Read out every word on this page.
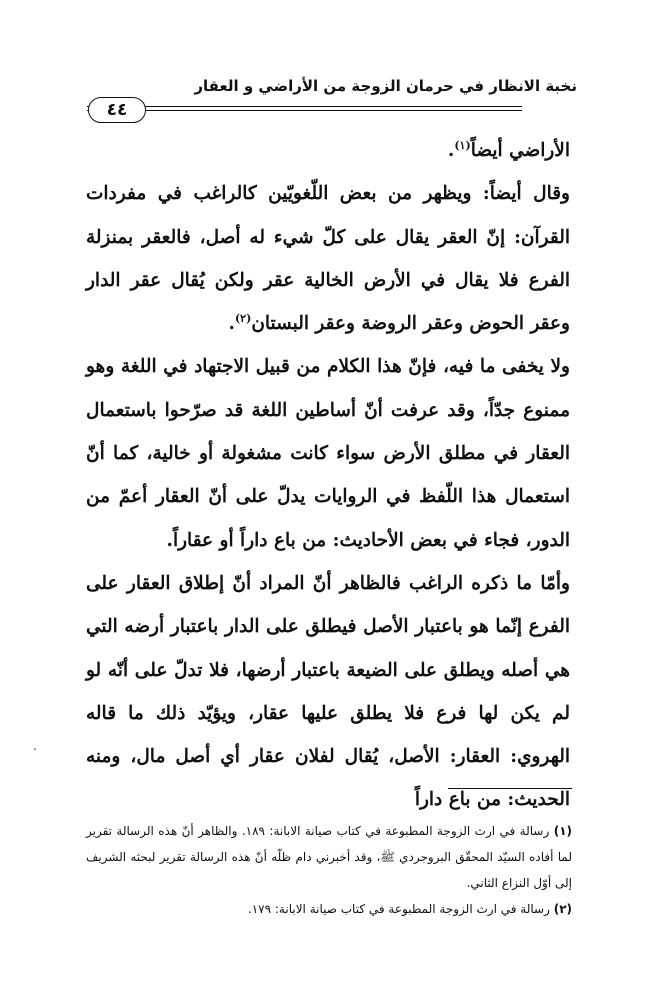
نخبة الانظار في حرمان الزوجة من الأراضي و العقار
٤٤

الأراضي أيضاً$^{(١)}$.

وقال أيضاً: ويظهر من بعض اللّغويّين كالراغب في مفردات القرآن: إنّ العقر يقال على كلّ شيء له أصل، فالعقر بمنزلة الفرع فلا يقال في الأرض الخالية عقر ولكن يُقال عقر الدار وعقر الحوض وعقر الروضة وعقر البستان$^{(٢)}$.

ولا يخفى ما فيه، فإنّ هذا الكلام من قبيل الاجتهاد في اللغة وهو ممنوع جدّاً، وقد عرفت أنّ أساطين اللغة قد صرّحوا باستعمال العقار في مطلق الأرض سواء كانت مشغولة أو خالية، كما أنّ استعمال هذا اللّفظ في الروايات يدلّ على أنّ العقار أعمّ من الدور، فجاء في بعض الأحاديث: من باع داراً أو عقاراً.

وأمّا ما ذكره الراغب فالظاهر أنّ المراد أنّ إطلاق العقار على الفرع إنّما هو باعتبار الأصل فيطلق على الدار باعتبار أرضه التي هي أصله ويطلق على الضيعة باعتبار أرضها، فلا تدلّ على أنّه لو لم يكن لها فرع فلا يطلق عليها عقار، ويؤيّد ذلك ما قاله الهروي: العقار: الأصل، يُقال لفلان عقار أي أصل مال، ومنه الحديث: من باع داراً

(١) رسالة في ارث الزوجة المطبوعة في كتاب صيانة الابانة: ١٨٩. والظاهر أنّ هذه الرسالة تقرير لما أفاده السيّد المحقّق البروجردي ﷺ، وقد أخبرني دام ظلّه أنّ هذه الرسالة تقرير لبحثه الشريف إلى أوّل النزاع الثاني.

(٢) رسالة في ارث الزوجة المطبوعة في كتاب صيانة الابانة: ١٧٩.

.
